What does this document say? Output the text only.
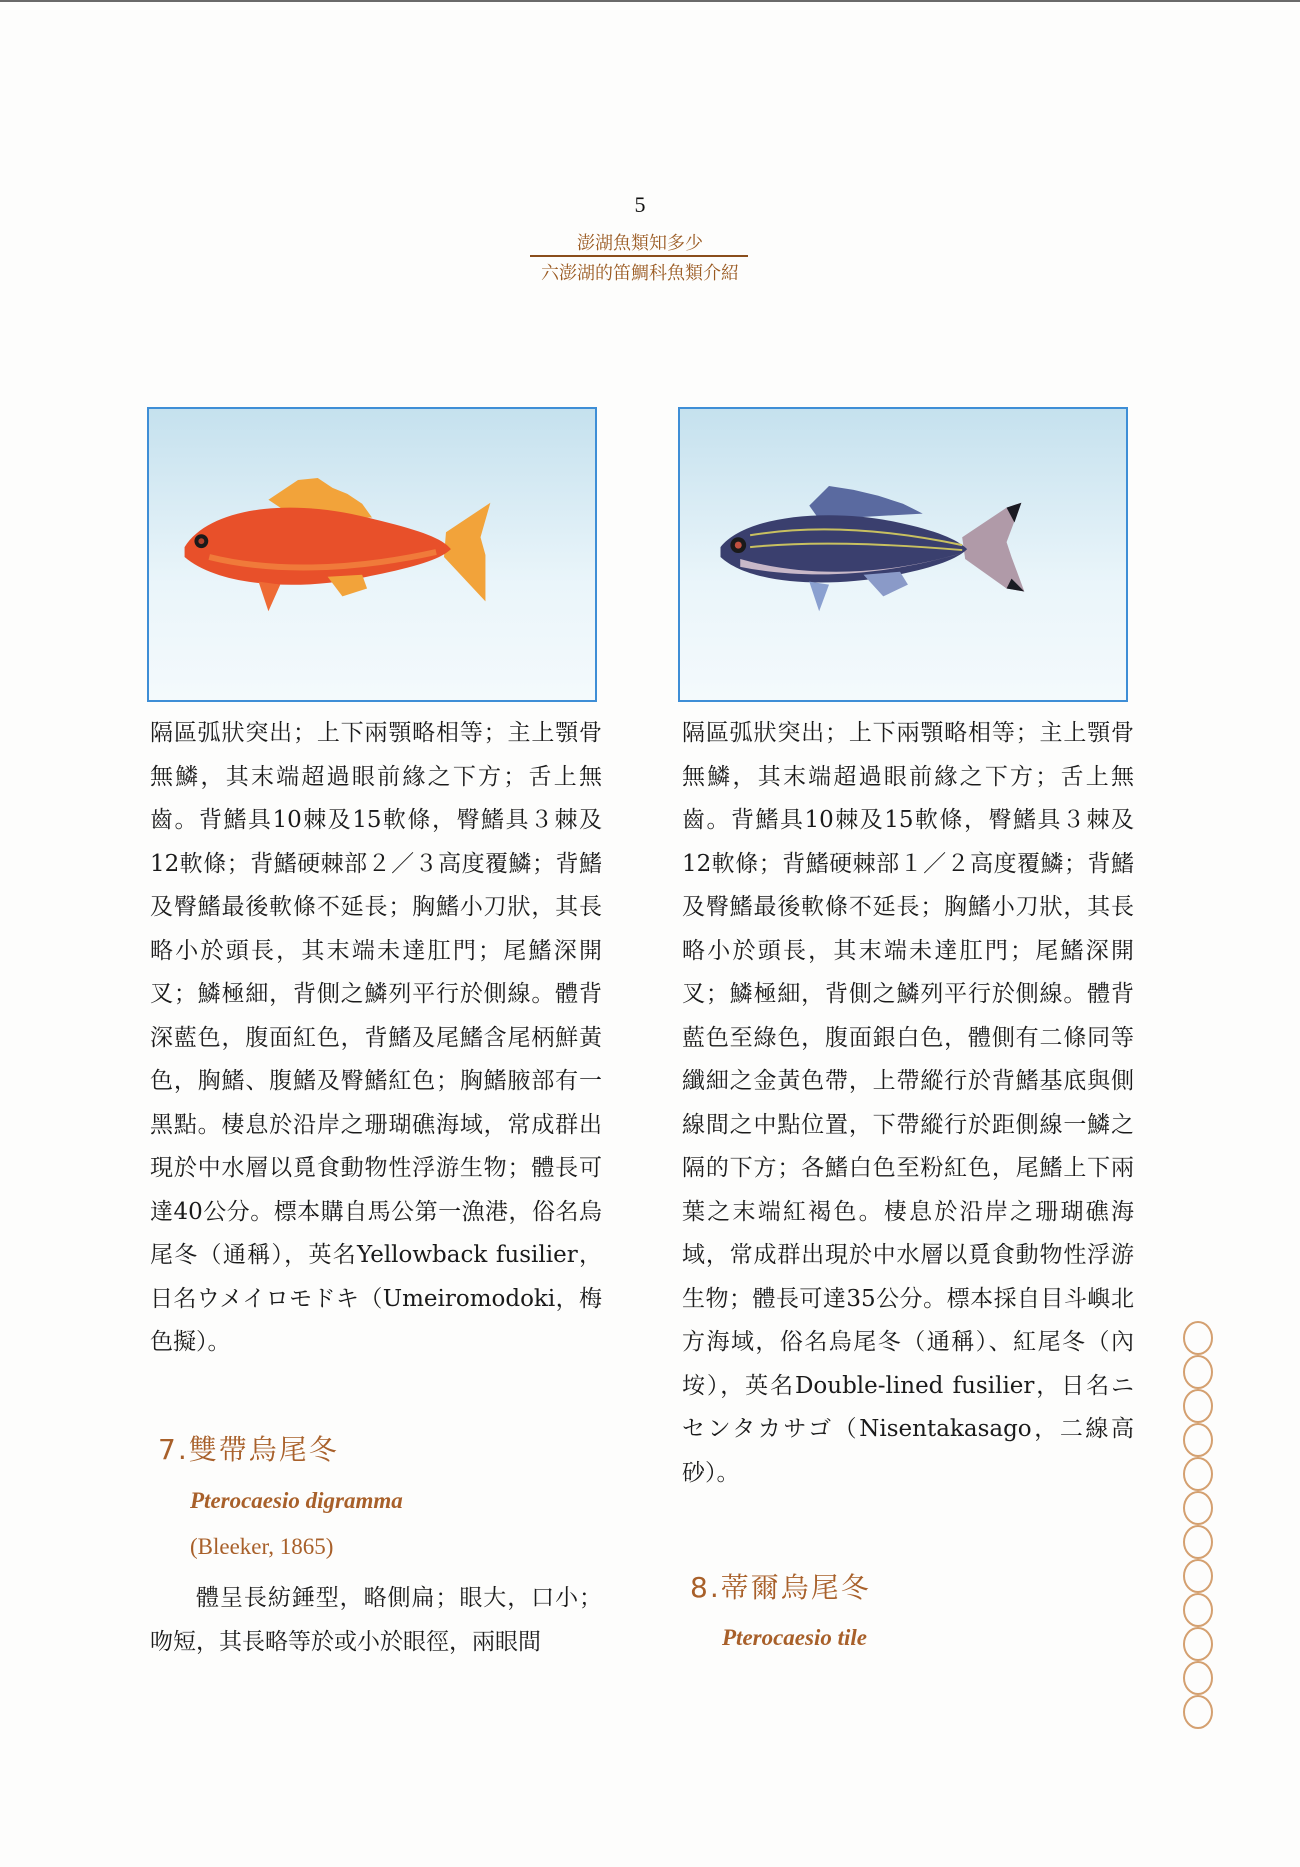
5
澎湖魚類知多少
六澎湖的笛鯛科魚類介紹

隔區弧狀突出；上下兩顎略相等；主上顎骨無鱗，其末端超過眼前緣之下方；舌上無齒。背鰭具10棘及15軟條，臀鰭具３棘及12軟條；背鰭硬棘部２／３高度覆鱗；背鰭及臀鰭最後軟條不延長；胸鰭小刀狀，其長略小於頭長，其末端未達肛門；尾鰭深開叉；鱗極細，背側之鱗列平行於側線。體背深藍色，腹面紅色，背鰭及尾鰭含尾柄鮮黃色，胸鰭、腹鰭及臀鰭紅色；胸鰭腋部有一黑點。棲息於沿岸之珊瑚礁海域，常成群出現於中水層以覓食動物性浮游生物；體長可達40公分。標本購自馬公第一漁港，俗名烏尾冬（通稱），英名Yellowback fusilier，日名ウメイロモドキ（Umeiromodoki，梅色擬）。

7.雙帶烏尾冬
Pterocaesio digramma
(Bleeker, 1865)

體呈長紡錘型，略側扁；眼大，口小；吻短，其長略等於或小於眼徑，兩眼間

隔區弧狀突出；上下兩顎略相等；主上顎骨無鱗，其末端超過眼前緣之下方；舌上無齒。背鰭具10棘及15軟條，臀鰭具３棘及12軟條；背鰭硬棘部１／２高度覆鱗；背鰭及臀鰭最後軟條不延長；胸鰭小刀狀，其長略小於頭長，其末端未達肛門；尾鰭深開叉；鱗極細，背側之鱗列平行於側線。體背藍色至綠色，腹面銀白色，體側有二條同等纖細之金黃色帶，上帶縱行於背鰭基底與側線間之中點位置，下帶縱行於距側線一鱗之隔的下方；各鰭白色至粉紅色，尾鰭上下兩葉之末端紅褐色。棲息於沿岸之珊瑚礁海域，常成群出現於中水層以覓食動物性浮游生物；體長可達35公分。標本採自目斗嶼北方海域，俗名烏尾冬（通稱）、紅尾冬（內垵），英名Double-lined fusilier，日名ニセンタカサゴ（Nisentakasago，二線高砂）。

8.蒂爾烏尾冬
Pterocaesio tile
